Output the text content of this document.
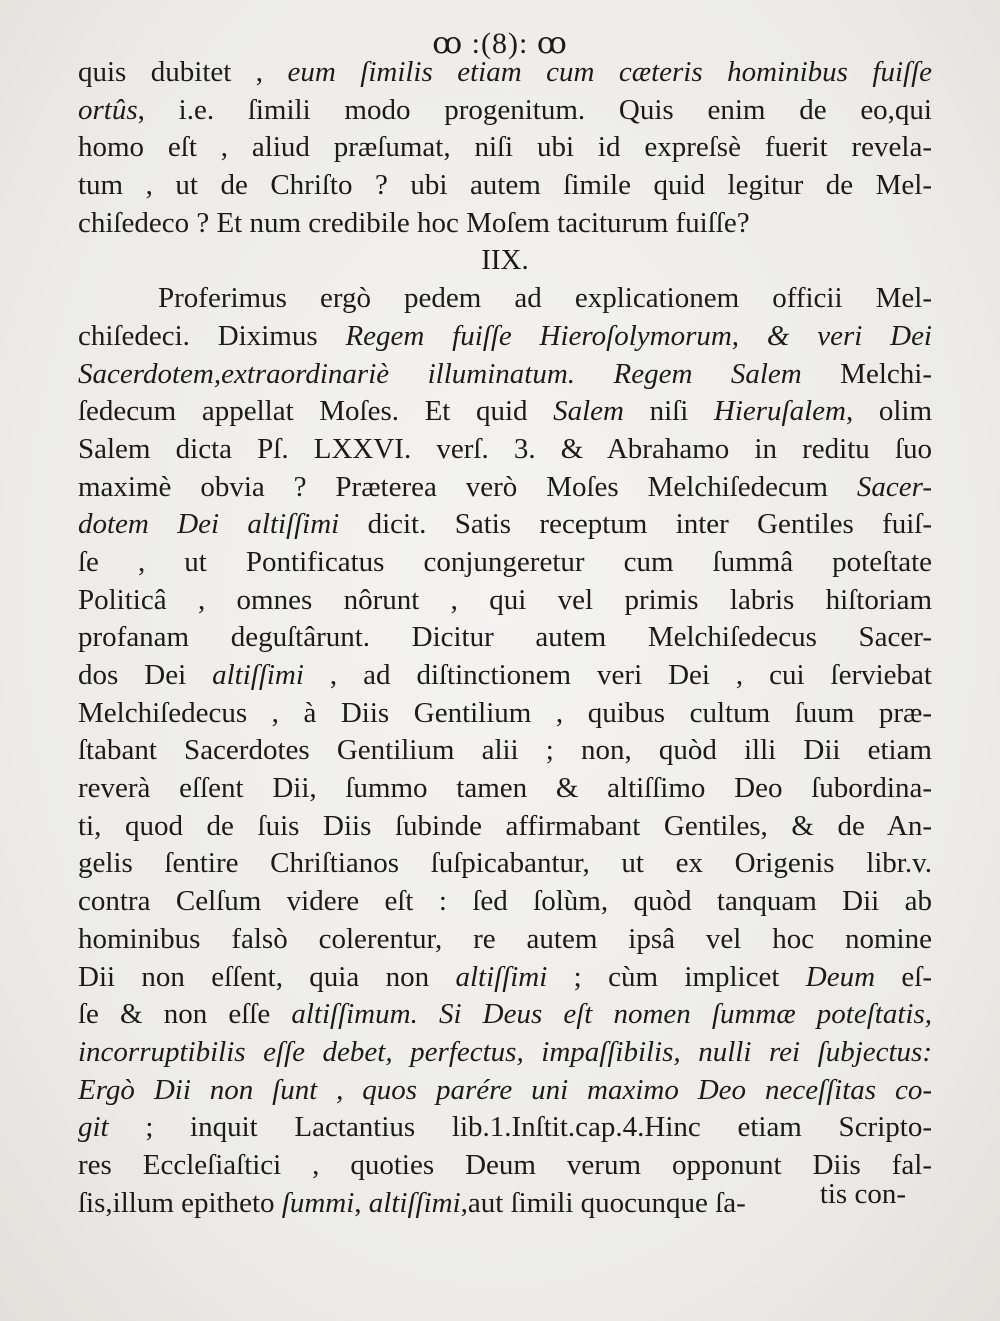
ꝏ :(8): ꝏ
quis dubitet , eum ſimilis etiam cum cæteris hominibus fuiſſe
ortûs, i.e. ſimili modo progenitum. Quis enim de eo,qui
homo eſt , aliud præſumat, niſi ubi id expreſsè fuerit revela-
tum , ut de Chriſto ? ubi autem ſimile quid legitur de Mel-
chiſedeco ? Et num credibile hoc Moſem taciturum fuiſſe?
IIX.
Proferimus ergò pedem ad explicationem officii Mel-
chiſedeci. Diximus Regem fuiſſe Hieroſolymorum, & veri Dei
Sacerdotem,extraordinariè illuminatum. Regem Salem Melchi-
ſedecum appellat Moſes. Et quid Salem niſi Hieruſalem, olim
Salem dicta Pſ. LXXVI. verſ. 3. & Abrahamo in reditu ſuo
maximè obvia ? Præterea verò Moſes Melchiſedecum Sacer-
dotem Dei altiſſimi dicit. Satis receptum inter Gentiles fuiſ-
ſe , ut Pontificatus conjungeretur cum ſummâ poteſtate
Politicâ , omnes nôrunt , qui vel primis labris hiſtoriam
profanam deguſtârunt. Dicitur autem Melchiſedecus Sacer-
dos Dei altiſſimi , ad diſtinctionem veri Dei , cui ſerviebat
Melchiſedecus , à Diis Gentilium , quibus cultum ſuum præ-
ſtabant Sacerdotes Gentilium alii ; non, quòd illi Dii etiam
reverà eſſent Dii, ſummo tamen & altiſſimo Deo ſubordina-
ti, quod de ſuis Diis ſubinde affirmabant Gentiles, & de An-
gelis ſentire Chriſtianos ſuſpicabantur, ut ex Origenis libr.v.
contra Celſum videre eſt : ſed ſolùm, quòd tanquam Dii ab
hominibus falsò colerentur, re autem ipsâ vel hoc nomine
Dii non eſſent, quia non altiſſimi ; cùm implicet Deum eſ-
ſe & non eſſe altiſſimum. Si Deus eſt nomen ſummæ poteſtatis,
incorruptibilis eſſe debet, perfectus, impaſſibilis, nulli rei ſubjectus:
Ergò Dii non ſunt , quos parére uni maximo Deo neceſſitas co-
git ; inquit Lactantius lib.1.Inſtit.cap.4.Hinc etiam Scripto-
res Eccleſiaſtici , quoties Deum verum opponunt Diis fal-
ſis,illum epitheto ſummi, altiſſimi,aut ſimili quocunque ſa-	tis con-
